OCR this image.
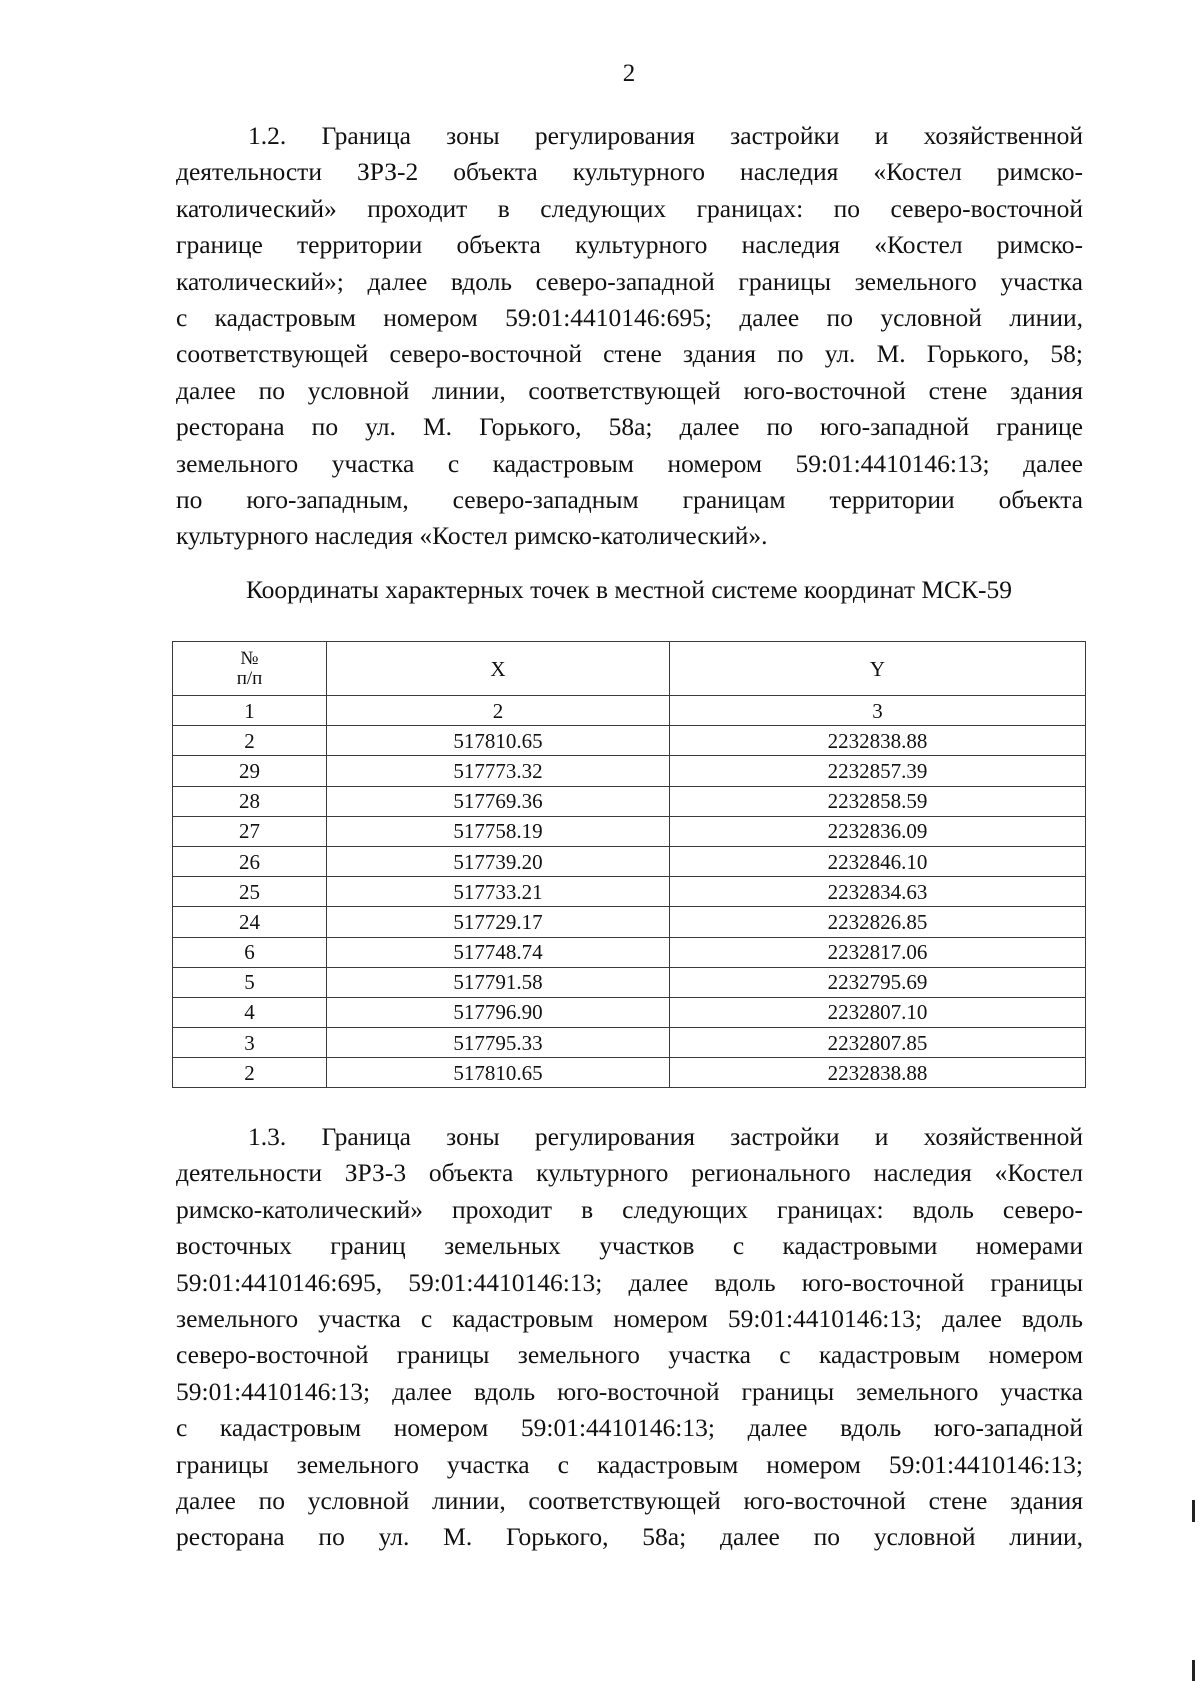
2
1.2. Граница зоны регулирования застройки и хозяйственной
деятельности ЗРЗ-2 объекта культурного наследия «Костел римско-
католический» проходит в следующих границах: по северо-восточной
границе территории объекта культурного наследия «Костел римско-
католический»; далее вдоль северо-западной границы земельного участка
с кадастровым номером 59:01:4410146:695; далее по условной линии,
соответствующей северо-восточной стене здания по ул. М. Горького, 58;
далее по условной линии, соответствующей юго-восточной стене здания
ресторана по ул. М. Горького, 58а; далее по юго-западной границе
земельного участка с кадастровым номером 59:01:4410146:13; далее
по юго-западным, северо-западным границам территории объекта
культурного наследия «Костел римско-католический».
Координаты характерных точек в местной системе координат МСК-59
№
п/п	X	Y
1	2	3
2	517810.65	2232838.88
29	517773.32	2232857.39
28	517769.36	2232858.59
27	517758.19	2232836.09
26	517739.20	2232846.10
25	517733.21	2232834.63
24	517729.17	2232826.85
6	517748.74	2232817.06
5	517791.58	2232795.69
4	517796.90	2232807.10
3	517795.33	2232807.85
2	517810.65	2232838.88
1.3. Граница зоны регулирования застройки и хозяйственной
деятельности ЗРЗ-3 объекта культурного регионального наследия «Костел
римско-католический» проходит в следующих границах: вдоль северо-
восточных границ земельных участков с кадастровыми номерами
59:01:4410146:695, 59:01:4410146:13; далее вдоль юго-восточной границы
земельного участка с кадастровым номером 59:01:4410146:13; далее вдоль
северо-восточной границы земельного участка с кадастровым номером
59:01:4410146:13; далее вдоль юго-восточной границы земельного участка
с кадастровым номером 59:01:4410146:13; далее вдоль юго-западной
границы земельного участка с кадастровым номером 59:01:4410146:13;
далее по условной линии, соответствующей юго-восточной стене здания
ресторана по ул. М. Горького, 58а; далее по условной линии,
